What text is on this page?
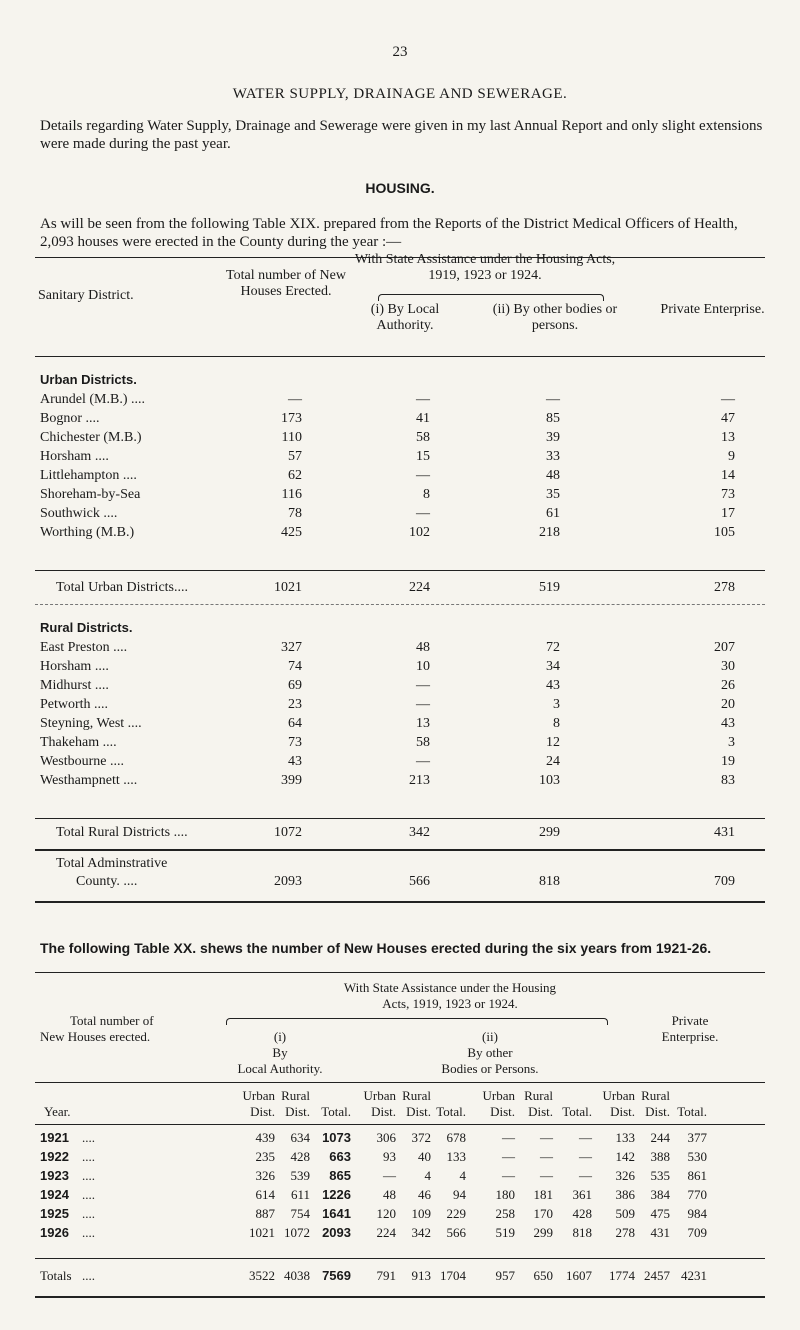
23
WATER SUPPLY, DRAINAGE AND SEWERAGE.
Details regarding Water Supply, Drainage and Sewerage were given in my last Annual Report and only slight extensions were made during the past year.
HOUSING.
As will be seen from the following Table XIX. prepared from the Reports of the District Medical Officers of Health, 2,093 houses were erected in the County during the year :—
Sanitary District.
Total number of New Houses Erected.
With State Assistance under the Housing Acts, 1919, 1923 or 1924.
(i) By Local Authority.
(ii) By other bodies or persons.
Private Enterprise.
Urban Districts.
Arundel (M.B.) ....	—	—	—	—
Bognor ....	173	41	85	47
Chichester (M.B.)	110	58	39	13
Horsham ....	57	15	33	9
Littlehampton ....	62	—	48	14
Shoreham-by-Sea	116	8	35	73
Southwick ....	78	—	61	17
Worthing (M.B.)	425	102	218	105
Total Urban Districts....	1021	224	519	278
Rural Districts.
East Preston ....	327	48	72	207
Horsham ....	74	10	34	30
Midhurst ....	69	—	43	26
Petworth ....	23	—	3	20
Steyning, West ....	64	13	8	43
Thakeham ....	73	58	12	3
Westbourne ....	43	—	24	19
Westhampnett ....	399	213	103	83
Total Rural Districts ....	1072	342	299	431
Total Adminstrative
County. ....	2093	566	818	709
The following Table XX. shews the number of New Houses erected during the six years from 1921-26.
With State Assistance under the Housing
Acts, 1919, 1923 or 1924.
Total number of
New Houses erected.
Private
Enterprise.
(i)
By
Local Authority.
(ii)
By other
Bodies or Persons.
Year.
Urban Rural
Dist. Dist. Total.
Urban Rural
Dist. Dist. Total.
Urban Rural
Dist.	Dist. Total.
Urban Rural
Dist. Dist. Total.
1921 ....	439	634 1073	306	372	678	—	—	—	133	244	377
1922 ....	235	428	663	93	40	133	—	—	—	142	388	530
1923 ....	326	539	865	—	4	4	—	—	—	326	535	861
1924 ....	614	611 1226	48	46	94	180	181	361	386	384	770
1925 ....	887	754 1641	120	109	229	258	170	428	509	475	984
1926 ....	1021 1072 2093	224	342	566	519	299	818	278	431	709
Totals ....	3522 4038 7569	791	913 1704	957	650	1607	1774 2457 4231
